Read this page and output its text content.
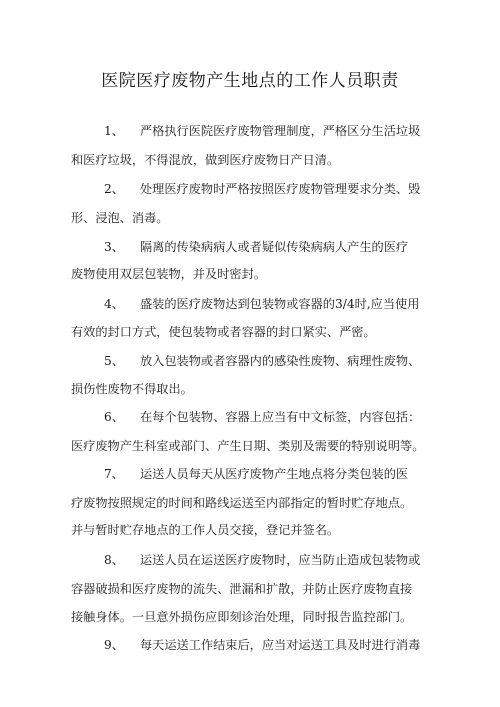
医院医疗废物产生地点的工作人员职责
1、 严格执行医院医疗废物管理制度，严格区分生活垃圾
和医疗垃圾，不得混放，做到医疗废物日产日清。
2、 处理医疗废物时严格按照医疗废物管理要求分类、毁
形、浸泡、消毒。
3、 隔离的传染病病人或者疑似传染病病人产生的医疗
废物使用双层包装物，并及时密封。
4、 盛装的医疗废物达到包装物或容器的3/4时,应当使用
有效的封口方式，使包装物或者容器的封口紧实、严密。
5、 放入包装物或者容器内的感染性废物、病理性废物、
损伤性废物不得取出。
6、 在每个包装物、容器上应当有中文标签，内容包括：
医疗废物产生科室或部门、产生日期、类别及需要的特别说明等。
7、 运送人员每天从医疗废物产生地点将分类包装的医
疗废物按照规定的时间和路线运送至内部指定的暂时贮存地点。
并与暂时贮存地点的工作人员交接，登记并签名。
8、 运送人员在运送医疗废物时，应当防止造成包装物或
容器破损和医疗废物的流失、泄漏和扩散，并防止医疗废物直接
接触身体。一旦意外损伤应即刻诊治处理，同时报告监控部门。
9、 每天运送工作结束后，应当对运送工具及时进行消毒
